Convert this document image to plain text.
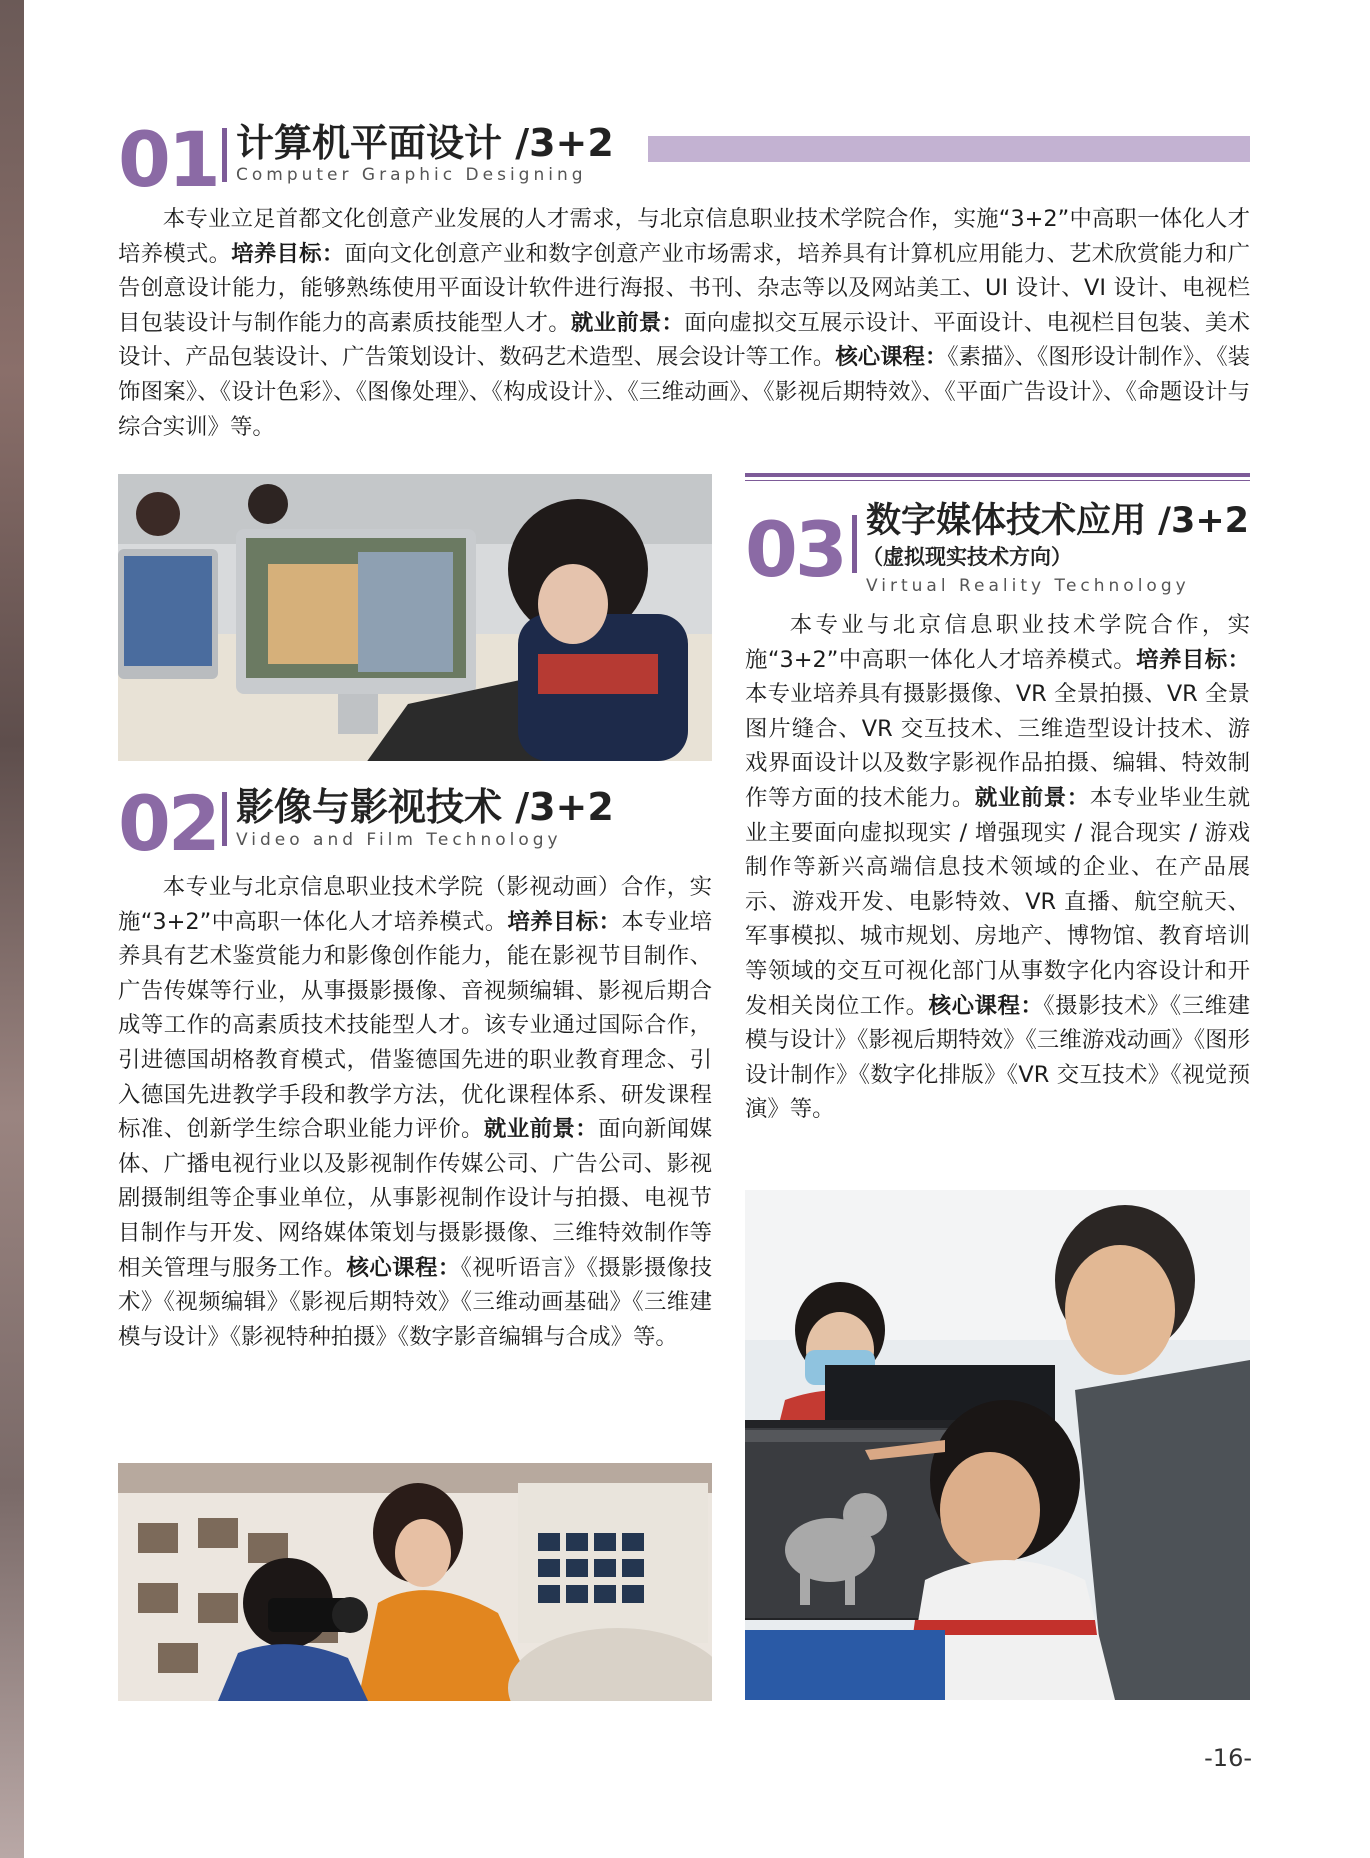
01 计算机平面设计 /3+2
Computer Graphic Designing

本专业立足首都文化创意产业发展的人才需求，与北京信息职业技术学院合作，实施“3+2”中高职一体化人才培养模式。培养目标：面向文化创意产业和数字创意产业市场需求，培养具有计算机应用能力、艺术欣赏能力和广告创意设计能力，能够熟练使用平面设计软件进行海报、书刊、杂志等以及网站美工、UI 设计、VI 设计、电视栏目包装设计与制作能力的高素质技能型人才。就业前景：面向虚拟交互展示设计、平面设计、电视栏目包装、美术设计、产品包装设计、广告策划设计、数码艺术造型、展会设计等工作。核心课程：《素描》、《图形设计制作》、《装饰图案》、《设计色彩》、《图像处理》、《构成设计》、《三维动画》、《影视后期特效》、《平面广告设计》、《命题设计与综合实训》等。

02 影像与影视技术 /3+2
Video and Film Technology

本专业与北京信息职业技术学院（影视动画）合作，实施“3+2”中高职一体化人才培养模式。培养目标：本专业培养具有艺术鉴赏能力和影像创作能力，能在影视节目制作、广告传媒等行业，从事摄影摄像、音视频编辑、影视后期合成等工作的高素质技术技能型人才。该专业通过国际合作，引进德国胡格教育模式，借鉴德国先进的职业教育理念、引入德国先进教学手段和教学方法，优化课程体系、研发课程标准、创新学生综合职业能力评价。就业前景：面向新闻媒体、广播电视行业以及影视制作传媒公司、广告公司、影视剧摄制组等企事业单位，从事影视制作设计与拍摄、电视节目制作与开发、网络媒体策划与摄影摄像、三维特效制作等相关管理与服务工作。核心课程：《视听语言》《摄影摄像技术》《视频编辑》《影视后期特效》《三维动画基础》《三维建模与设计》《影视特种拍摄》《数字影音编辑与合成》等。

03 数字媒体技术应用 /3+2
（虚拟现实技术方向）
Virtual Reality Technology

本专业与北京信息职业技术学院合作，实施“3+2”中高职一体化人才培养模式。培养目标：本专业培养具有摄影摄像、VR 全景拍摄、VR 全景图片缝合、VR 交互技术、三维造型设计技术、游戏界面设计以及数字影视作品拍摄、编辑、特效制作等方面的技术能力。就业前景：本专业毕业生就业主要面向虚拟现实 / 增强现实 / 混合现实 / 游戏制作等新兴高端信息技术领域的企业、在产品展示、游戏开发、电影特效、VR 直播、航空航天、军事模拟、城市规划、房地产、博物馆、教育培训等领域的交互可视化部门从事数字化内容设计和开发相关岗位工作。核心课程：《摄影技术》《三维建模与设计》《影视后期特效》《三维游戏动画》《图形设计制作》《数字化排版》《VR 交互技术》《视觉预演》等。

-16-
